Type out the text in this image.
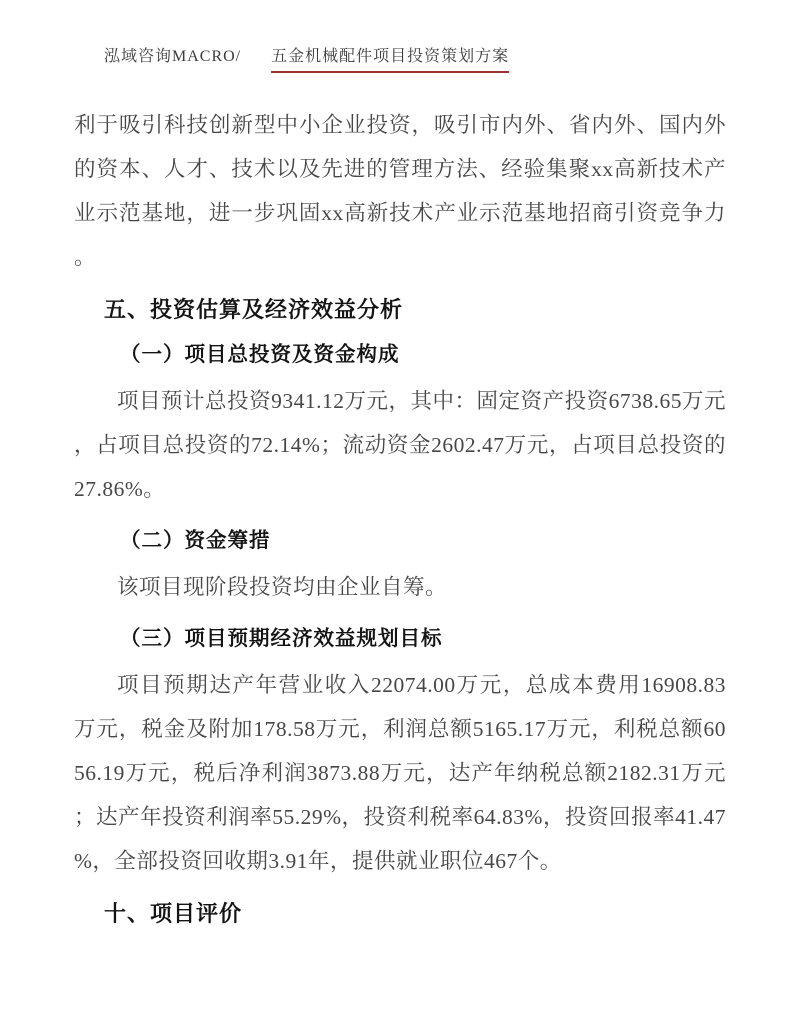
泓域咨询MACRO/ 五金机械配件项目投资策划方案

利于吸引科技创新型中小企业投资，吸引市内外、省内外、国内外的资本、人才、技术以及先进的管理方法、经验集聚xx高新技术产业示范基地，进一步巩固xx高新技术产业示范基地招商引资竞争力。

五、投资估算及经济效益分析
（一）项目总投资及资金构成

项目预计总投资9341.12万元，其中：固定资产投资6738.65万元，占项目总投资的72.14%；流动资金2602.47万元，占项目总投资的27.86%。

（二）资金筹措

该项目现阶段投资均由企业自筹。

（三）项目预期经济效益规划目标

项目预期达产年营业收入22074.00万元，总成本费用16908.83万元，税金及附加178.58万元，利润总额5165.17万元，利税总额6056.19万元，税后净利润3873.88万元，达产年纳税总额2182.31万元；达产年投资利润率55.29%，投资利税率64.83%，投资回报率41.47%，全部投资回收期3.91年，提供就业职位467个。

十、项目评价
